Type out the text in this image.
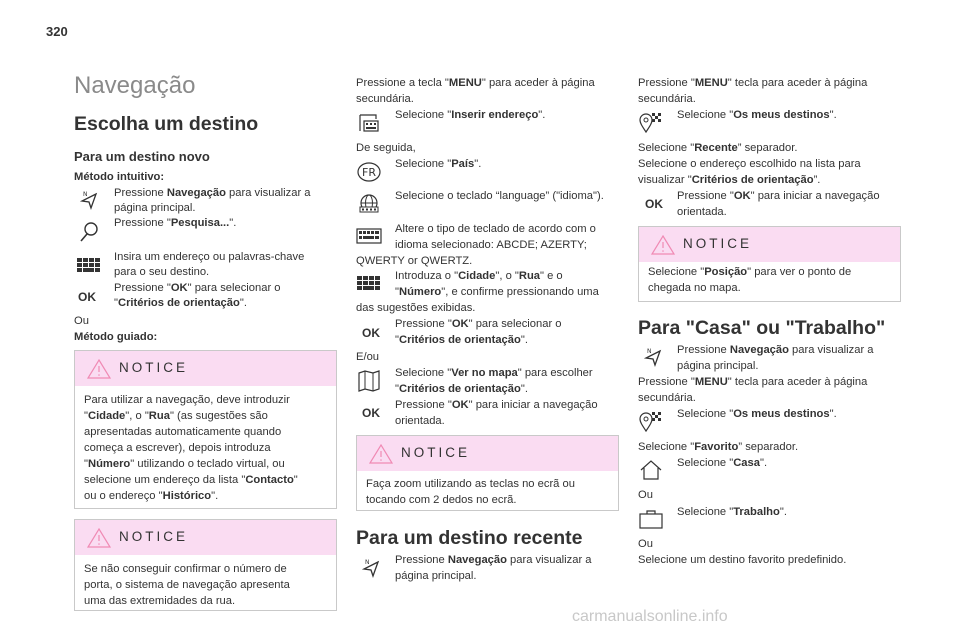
320
Navegação
Escolha um destino
Para um destino novo
Método intuitivo:
N Pressione Navegação para visualizar a
página principal.
Pressione "Pesquisa...".
Insira um endereço ou palavras-chave
para o seu destino.
OK
Pressione "OK" para selecionar o
"Critérios de orientação".
Ou
Método guiado:
NOTICE
Para utilizar a navegação, deve introduzir
"Cidade", o "Rua" (as sugestões são
apresentadas automaticamente quando
começa a escrever), depois introduza
"Número" utilizando o teclado virtual, ou
selecione um endereço da lista "Contacto"
ou o endereço "Histórico".
NOTICE
Se não conseguir confirmar o número de
porta, o sistema de navegação apresenta
uma das extremidades da rua.
Pressione a tecla "MENU" para aceder à página
secundária.
Selecione "Inserir endereço".
De seguida,
FR
Selecione "País".
Selecione o teclado “language” ("idioma").
Altere o tipo de teclado de acordo com o
idioma selecionado: ABCDE; AZERTY;
QWERTY or QWERTZ.
Introduza o "Cidade", o "Rua" e o
"Número", e confirme pressionando uma
das sugestões exibidas.
OK
Pressione "OK" para selecionar o
"Critérios de orientação".
E/ou
Selecione "Ver no mapa" para escolher
"Critérios de orientação".
OK
Pressione "OK" para iniciar a navegação
orientada.
NOTICE
Faça zoom utilizando as teclas no ecrã ou
tocando com 2 dedos no ecrã.
Para um destino recente
N Pressione Navegação para visualizar a
página principal.
Pressione "MENU" tecla para aceder à página
secundária.
Selecione "Os meus destinos".
Selecione "Recente” separador.
Selecione o endereço escolhido na lista para
visualizar "Critérios de orientação”.
OK
Pressione "OK" para iniciar a navegação
orientada.
NOTICE
Selecione "Posição" para ver o ponto de
chegada no mapa.
Para "Casa" ou "Trabalho"
N Pressione Navegação para visualizar a
página principal.
Pressione "MENU" tecla para aceder à página
secundária.
Selecione "Os meus destinos".
Selecione "Favorito” separador.
Selecione "Casa".
Ou
Selecione "Trabalho".
Ou
Selecione um destino favorito predefinido.
carmanualsonline.info
